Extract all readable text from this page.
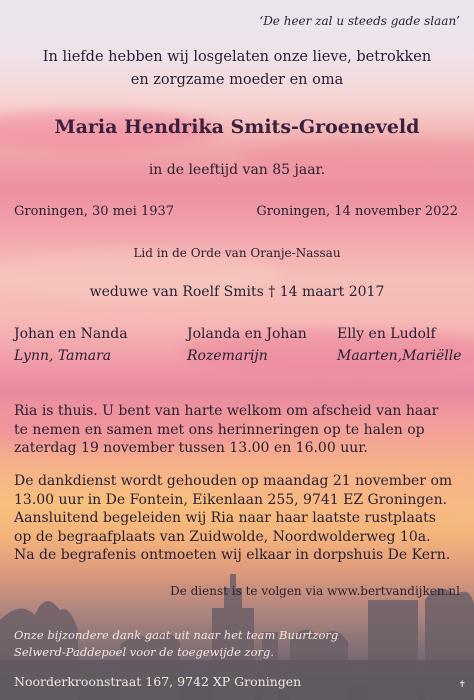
‘De heer zal u steeds gade slaan’
In liefde hebben wij losgelaten onze lieve, betrokken
en zorgzame moeder en oma
Maria Hendrika Smits-Groeneveld
in de leeftijd van 85 jaar.
Groningen, 30 mei 1937	Groningen, 14 november 2022
Lid in de Orde van Oranje-Nassau
weduwe van Roelf Smits † 14 maart 2017
Johan en Nanda
Lynn, Tamara
Jolanda en Johan
Rozemarijn
Elly en Ludolf
Maarten,Mariëlle
Ria is thuis. U bent van harte welkom om afscheid van haar
te nemen en samen met ons herinneringen op te halen op
zaterdag 19 november tussen 13.00 en 16.00 uur.
De dankdienst wordt gehouden op maandag 21 november om
13.00 uur in De Fontein, Eikenlaan 255, 9741 EZ Groningen.
Aansluitend begeleiden wij Ria naar haar laatste rustplaats
op de begraafplaats van Zuidwolde, Noordwolderweg 10a.
Na de begrafenis ontmoeten wij elkaar in dorpshuis De Kern.
De dienst is te volgen via www.bertvandijken.nl
Onze bijzondere dank gaat uit naar het team Buurtzorg
Selwerd-Paddepoel voor de toegewijde zorg.
Noorderkroonstraat 167, 9742 XP Groningen	✝
